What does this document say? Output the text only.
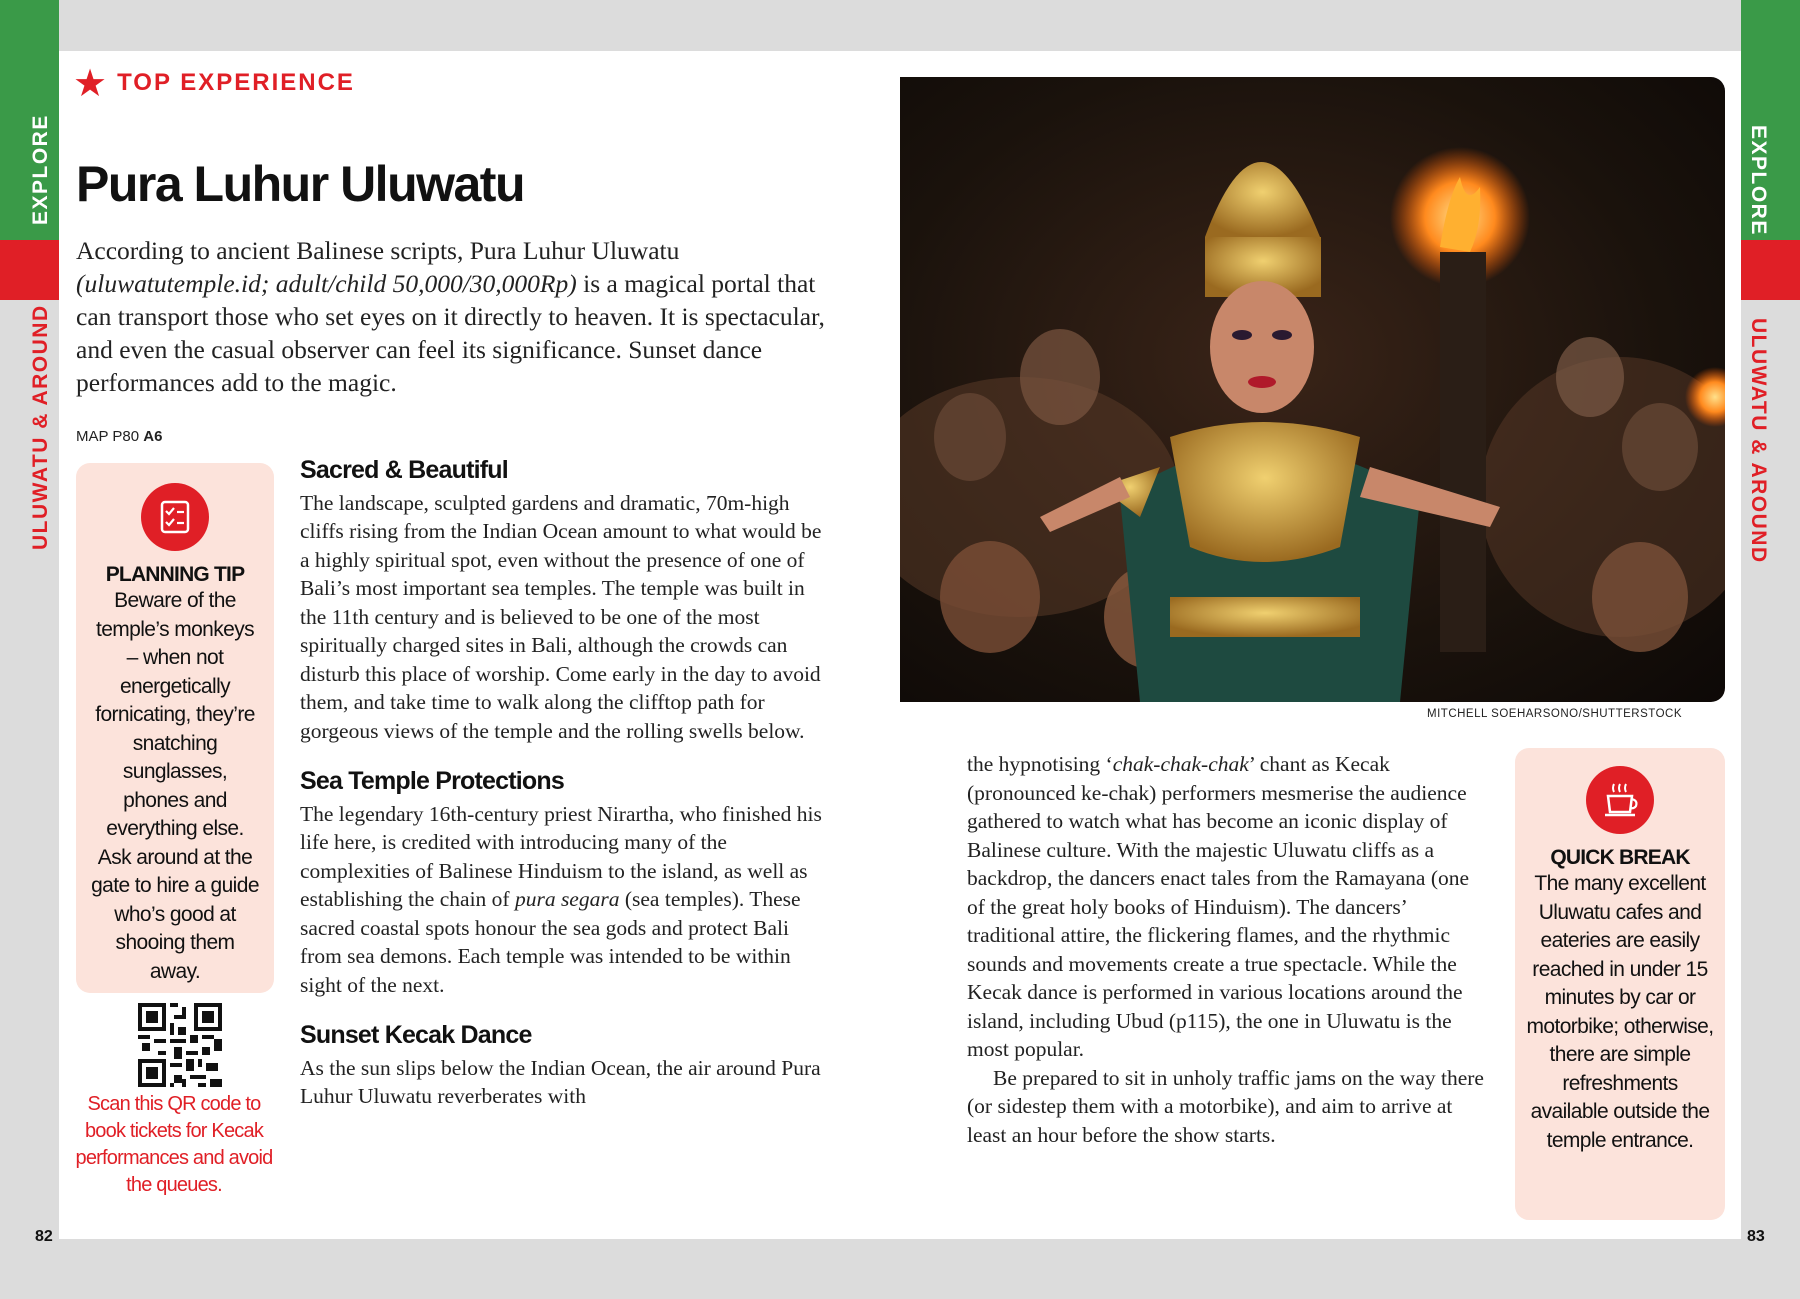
EXPLORE
ULUWATU & AROUND
EXPLORE
ULUWATU & AROUND
★ TOP EXPERIENCE
Pura Luhur Uluwatu
According to ancient Balinese scripts, Pura Luhur Uluwatu (uluwatutemple.id; adult/child 50,000/30,000Rp) is a magical portal that can transport those who set eyes on it directly to heaven. It is spectacular, and even the casual observer can feel its significance. Sunset dance performances add to the magic.
MAP P80 A6
PLANNING TIP
Beware of the temple’s monkeys – when not energetically fornicating, they’re snatching sunglasses, phones and everything else. Ask around at the gate to hire a guide who’s good at shooing them away.
Scan this QR code to book tickets for Kecak performances and avoid the queues.
Sacred & Beautiful

The landscape, sculpted gardens and dramatic, 70m-high cliffs rising from the Indian Ocean amount to what would be a highly spiritual spot, even without the presence of one of Bali’s most important sea temples. The temple was built in the 11th century and is believed to be one of the most spiritually charged sites in Bali, although the crowds can disturb this place of worship. Come early in the day to avoid them, and take time to walk along the clifftop path for gorgeous views of the temple and the rolling swells below.

Sea Temple Protections

The legendary 16th-century priest Nirartha, who finished his life here, is credited with introducing many of the complexities of Balinese Hinduism to the island, as well as establishing the chain of pura segara (sea temples). These sacred coastal spots honour the sea gods and protect Bali from sea demons. Each temple was intended to be within sight of the next.

Sunset Kecak Dance

As the sun slips below the Indian Ocean, the air around Pura Luhur Uluwatu reverberates with

MITCHELL SOEHARSONO/SHUTTERSTOCK

the hypnotising ‘chak-chak-chak’ chant as Kecak (pronounced ke-chak) performers mesmerise the audience gathered to watch what has become an iconic display of Balinese culture. With the majestic Uluwatu cliffs as a backdrop, the dancers enact tales from the Ramayana (one of the great holy books of Hinduism). The dancers’ traditional attire, the flickering flames, and the rhythmic sounds and movements create a true spectacle. While the Kecak dance is performed in various locations around the island, including Ubud (p115), the one in Uluwatu is the most popular.

Be prepared to sit in unholy traffic jams on the way there (or sidestep them with a motorbike), and aim to arrive at least an hour before the show starts.

QUICK BREAK
The many excellent Uluwatu cafes and eateries are easily reached in under 15 minutes by car or motorbike; otherwise, there are simple refreshments available outside the temple entrance.
82	83
